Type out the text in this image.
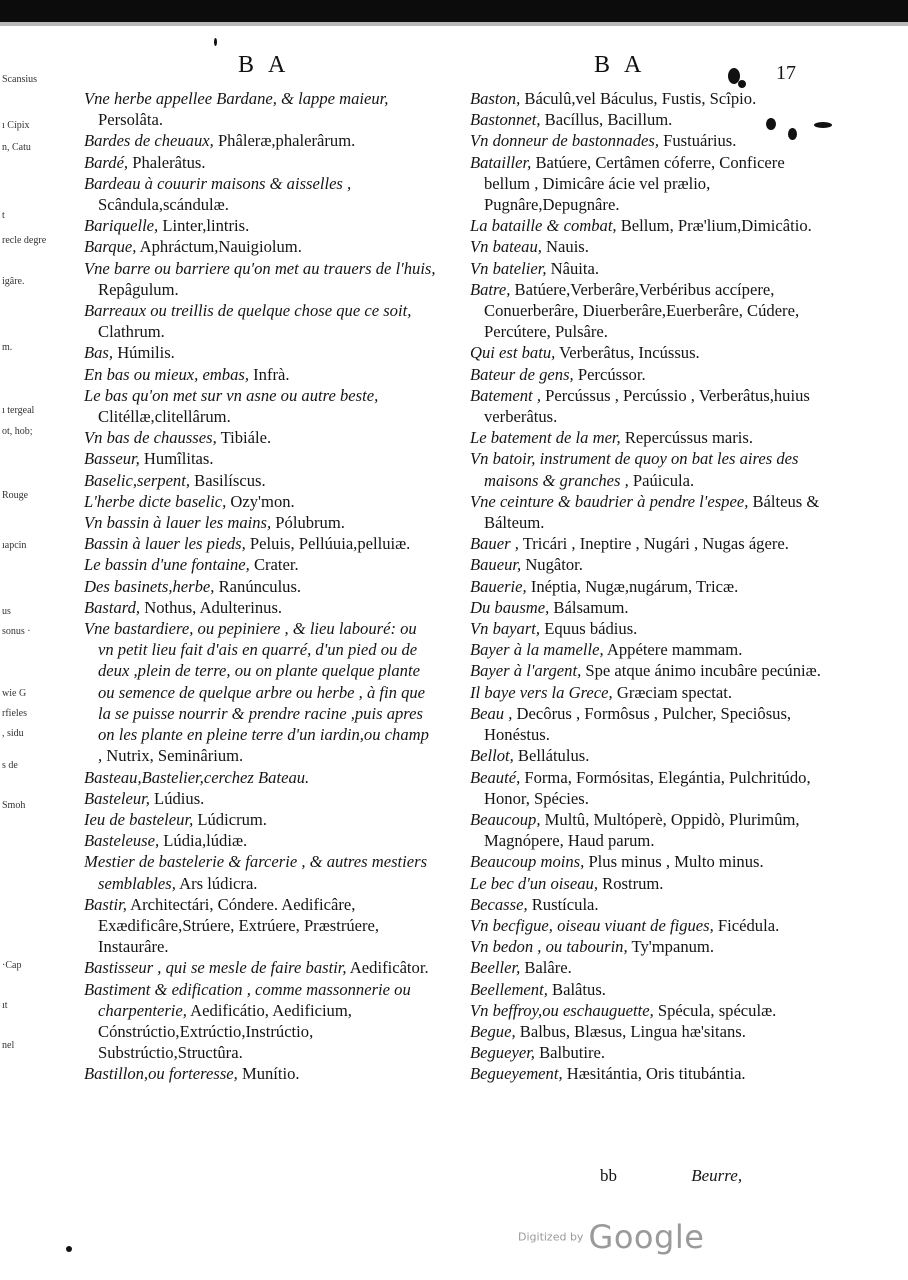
Scansius
ı Cípix
n, Catu
t
recle degre
igâre.
m.
ı tergeal
ot, hob;
Rouge
ıapcin
us
sonus ·
wie G
rfieles
, sidu
s de
Smoh
·Cap
ıt
nel
BA	BA	17
Vne herbe appellee Bardane, & lappe maieur, Persolâta.
Bardes de cheuaux, Phâleræ,phalerârum.
Bardé, Phalerâtus.
Bardeau à couurir maisons & aisselles , Scândula,scándulæ.
Bariquelle, Linter,lintris.
Barque, Aphráctum,Nauigiolum.
Vne barre ou barriere qu'on met au trauers de l'huis, Repâgulum.
Barreaux ou treillis de quelque chose que ce soit, Clathrum.
Bas, Húmilis.
En bas ou mieux, embas, Infrà.
Le bas qu'on met sur vn asne ou autre beste, Clitéllæ,clitellârum.
Vn bas de chausses, Tibiále.
Basseur, Humîlitas.
Baselic,serpent, Basilíscus.
L'herbe dicte baselic, Ozy'mon.
Vn bassin à lauer les mains, Pólubrum.
Bassin à lauer les pieds, Peluis, Pellúuia,pelluiæ.
Le bassin d'une fontaine, Crater.
Des basinets,herbe, Ranúnculus.
Bastard, Nothus, Adulterinus.
Vne bastardiere, ou pepiniere , & lieu labouré: ou vn petit lieu fait d'ais en quarré, d'un pied ou de deux ,plein de terre, ou on plante quelque plante ou semence de quelque arbre ou herbe , à fin que la se puisse nourrir & prendre racine ,puis apres on les plante en pleine terre d'un iardin,ou champ , Nutrix, Seminârium.
Basteau,Bastelier,cerchez Bateau.
Basteleur, Lúdius.
Ieu de basteleur, Lúdicrum.
Basteleuse, Lúdia,lúdiæ.
Mestier de bastelerie & farcerie , & autres mestiers semblables, Ars lúdicra.
Bastir, Architectári, Cóndere. Aedificâre, Exædificâre,Strúere, Extrúere, Præstrúere, Instaurâre.
Bastisseur , qui se mesle de faire bastir, Aedificâtor.
Bastiment & edification , comme massonnerie ou charpenterie, Aedificátio, Aedificium, Cónstrúctio,Extrúctio,Instrúctio, Substrúctio,Structûra.
Bastillon,ou forteresse, Munítio.
Baston, Báculû,vel Báculus, Fustis, Scîpio.
Bastonnet, Bacíllus, Bacillum.
Vn donneur de bastonnades, Fustuárius.
Batailler, Batúere, Certâmen cóferre, Conficere bellum , Dimicâre ácie vel prælio, Pugnâre,Depugnâre.
La bataille & combat, Bellum, Præ'lium,Dimicâtio.
Vn bateau, Nauis.
Vn batelier, Nâuita.
Batre, Batúere,Verberâre,Verbéribus accípere, Conuerberâre, Diuerberâre,Euerberâre, Cúdere, Percútere, Pulsâre.
Qui est batu, Verberâtus, Incússus.
Bateur de gens, Percússor.
Batement , Percússus , Percússio , Verberâtus,huius verberâtus.
Le batement de la mer, Repercússus maris.
Vn batoir, instrument de quoy on bat les aires des maisons & granches , Paúicula.
Vne ceinture & baudrier à pendre l'espee, Bálteus & Bálteum.
Bauer , Tricári , Ineptire , Nugári , Nugas ágere.
Baueur, Nugâtor.
Bauerie, Inéptia, Nugæ,nugárum, Tricæ.
Du bausme, Bálsamum.
Vn bayart, Equus bádius.
Bayer à la mamelle, Appétere mammam.
Bayer à l'argent, Spe atque ánimo incubâre pecúniæ.
Il baye vers la Grece, Græciam spectat.
Beau , Decôrus , Formôsus , Pulcher, Speciôsus, Honéstus.
Bellot, Bellátulus.
Beauté, Forma, Formósitas, Elegántia, Pulchritúdo, Honor, Spécies.
Beaucoup, Multû, Multóperè, Oppidò, Plurimûm, Magnópere, Haud parum.
Beaucoup moins, Plus minus , Multo minus.
Le bec d'un oiseau, Rostrum.
Becasse, Rustícula.
Vn becfigue, oiseau viuant de figues, Ficédula.
Vn bedon , ou tabourin, Ty'mpanum.
Beeller, Balâre.
Beellement, Balâtus.
Vn beffroy,ou eschauguette, Spécula, spéculæ.
Begue, Balbus, Blæsus, Lingua hæ'sitans.
Begueyer, Balbutire.
Begueyement, Hæsitántia, Oris titubántia.
bb	Beurre,
Digitized by Google
